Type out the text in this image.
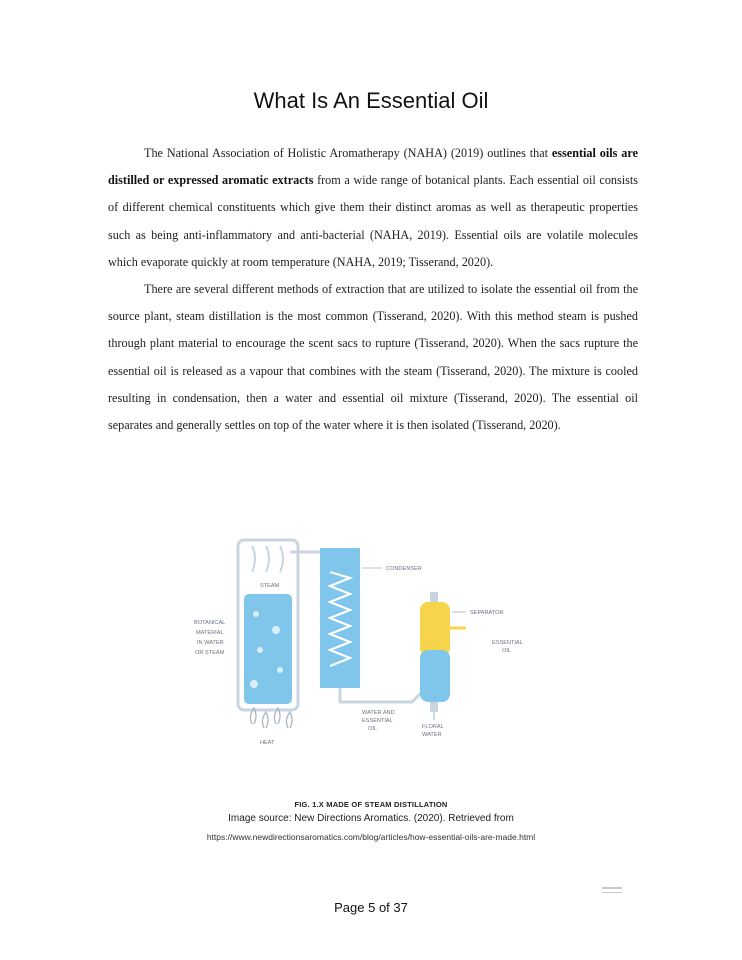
What Is An Essential Oil

The National Association of Holistic Aromatherapy (NAHA) (2019) outlines that essential oils are distilled or expressed aromatic extracts from a wide range of botanical plants. Each essential oil consists of different chemical constituents which give them their distinct aromas as well as therapeutic properties such as being anti-inflammatory and anti-bacterial (NAHA, 2019). Essential oils are volatile molecules which evaporate quickly at room temperature (NAHA, 2019; Tisserand, 2020).

There are several different methods of extraction that are utilized to isolate the essential oil from the source plant, steam distillation is the most common (Tisserand, 2020). With this method steam is pushed through plant material to encourage the scent sacs to rupture (Tisserand, 2020). When the sacs rupture the essential oil is released as a vapour that combines with the steam (Tisserand, 2020). The mixture is cooled resulting in condensation, then a water and essential oil mixture (Tisserand, 2020). The essential oil separates and generally settles on top of the water where it is then isolated (Tisserand, 2020).

STEAM
BOTANICAL
MATERIAL
IN WATER
OR STEAM
HEAT
CONDENSER
WATER AND
ESSENTIAL
OIL
SEPARATOR
ESSENTIAL
OIL
FLORAL
WATER
FIG. 1.X MADE OF STEAM DISTILLATION
Image source: New Directions Aromatics. (2020). Retrieved from
https://www.newdirectionsaromatics.com/blog/articles/how-essential-oils-are-made.html
Page 5 of 37
